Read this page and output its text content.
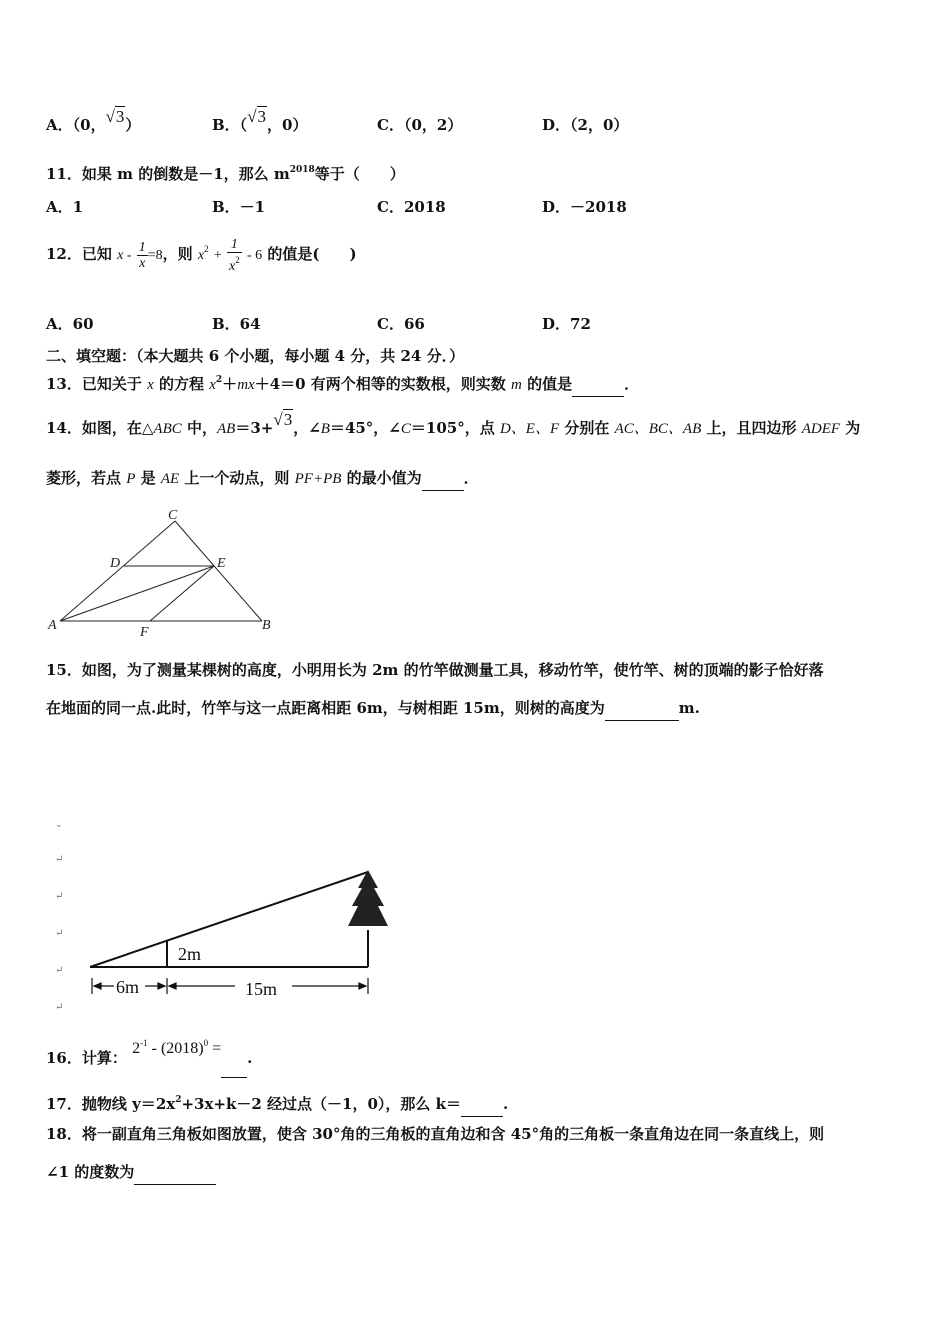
A．（0，√3）	B．（√3，0）	C．（0，2）	D．（2，0）
11．如果 m 的倒数是－1，那么 $m^{2018}$等于（　　）
A．1	B．－1	C．2018	D．－2018
12．已知 $x - \frac{1}{x} =8$，则 $x^2 + \frac{1}{x^2} - 6$ 的值是(　　)
A．60	B．64	C．66	D．72
二、填空题：（本大题共 6 个小题，每小题 4 分，共 24 分．）
13．已知关于 x 的方程 $x^2+mx+4=0$ 有两个相等的实数根，则实数 m 的值是	．
14．如图，在△ABC 中，AB＝3+√3，∠B＝45°，∠C＝105°，点 D、E、F 分别在 AC、BC、AB 上，且四边形 ADEF 为
菱形，若点 P 是 AE 上一个动点，则 PF+PB 的最小值为	．
C
D	E
A	F	B
15．如图，为了测量某棵树的高度，小明用长为 2m 的竹竿做测量工具，移动竹竿，使竹竿、树的顶端的影子恰好落
在地面的同一点.此时，竹竿与这一点距离相距 6m，与树相距 15m，则树的高度为	m.
⌄
↵
↵
↵
↵
↵
2m
6m	15m
16．计算： $2^{-1} - (2018)^0$ = .
17．抛物线 $y=2x^2+3x+k-2$ 经过点（－1，0），那么 k＝	.
18．将一副直角三角板如图放置，使含 30°角的三角板的直角边和含 45°角的三角板一条直角边在同一条直线上，则
∠1 的度数为
